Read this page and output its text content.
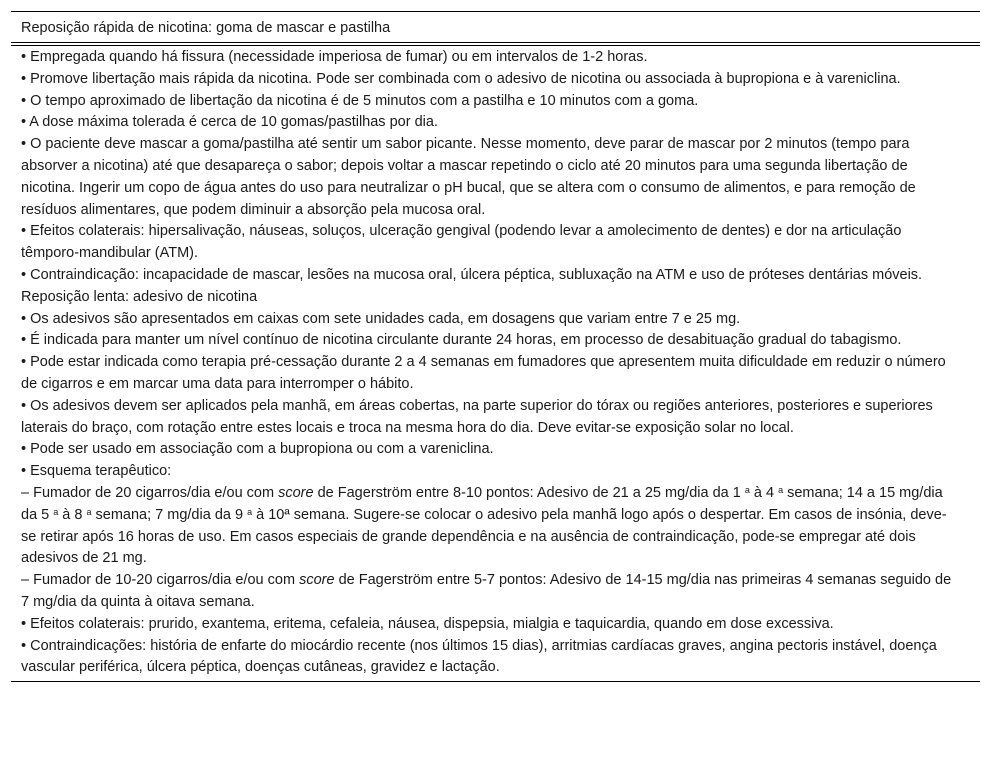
Reposição rápida de nicotina: goma de mascar e pastilha

• Empregada quando há fissura (necessidade imperiosa de fumar) ou em intervalos de 1-2 horas.

• Promove libertação mais rápida da nicotina. Pode ser combinada com o adesivo de nicotina ou associada à bupropiona e à vareniclina.

• O tempo aproximado de libertação da nicotina é de 5 minutos com a pastilha e 10 minutos com a goma.

• A dose máxima tolerada é cerca de 10 gomas/pastilhas por dia.

• O paciente deve mascar a goma/pastilha até sentir um sabor picante. Nesse momento, deve parar de mascar por 2 minutos (tempo para absorver a nicotina) até que desapareça o sabor; depois voltar a mascar repetindo o ciclo até 20 minutos para uma segunda libertação de nicotina. Ingerir um copo de água antes do uso para neutralizar o pH bucal, que se altera com o consumo de alimentos, e para remoção de resíduos alimentares, que podem diminuir a absorção pela mucosa oral.

• Efeitos colaterais: hipersalivação, náuseas, soluços, ulceração gengival (podendo levar a amolecimento de dentes) e dor na articulação têmporo-mandibular (ATM).

• Contraindicação: incapacidade de mascar, lesões na mucosa oral, úlcera péptica, subluxação na ATM e uso de próteses dentárias móveis.

Reposição lenta: adesivo de nicotina

• Os adesivos são apresentados em caixas com sete unidades cada, em dosagens que variam entre 7 e 25 mg.

• É indicada para manter um nível contínuo de nicotina circulante durante 24 horas, em processo de desabituação gradual do tabagismo.

• Pode estar indicada como terapia pré-cessação durante 2 a 4 semanas em fumadores que apresentem muita dificuldade em reduzir o número de cigarros e em marcar uma data para interromper o hábito.

• Os adesivos devem ser aplicados pela manhã, em áreas cobertas, na parte superior do tórax ou regiões anteriores, posteriores e superiores laterais do braço, com rotação entre estes locais e troca na mesma hora do dia. Deve evitar-se exposição solar no local.

• Pode ser usado em associação com a bupropiona ou com a vareniclina.

• Esquema terapêutico:

– Fumador de 20 cigarros/dia e/ou com score de Fagerström entre 8-10 pontos: Adesivo de 21 a 25 mg/dia da 1 $^a$ à 4 $^a$ semana; 14 a 15 mg/dia da 5 $^a$ à 8 $^a$ semana; 7 mg/dia da 9 $^a$ à 10ª semana. Sugere-se colocar o adesivo pela manhã logo após o despertar. Em casos de insónia, deve-se retirar após 16 horas de uso. Em casos especiais de grande dependência e na ausência de contraindicação, pode-se empregar até dois adesivos de 21 mg.

– Fumador de 10-20 cigarros/dia e/ou com score de Fagerström entre 5-7 pontos: Adesivo de 14-15 mg/dia nas primeiras 4 semanas seguido de 7 mg/dia da quinta à oitava semana.

• Efeitos colaterais: prurido, exantema, eritema, cefaleia, náusea, dispepsia, mialgia e taquicardia, quando em dose excessiva.

• Contraindicações: história de enfarte do miocárdio recente (nos últimos 15 dias), arritmias cardíacas graves, angina pectoris instável, doença vascular periférica, úlcera péptica, doenças cutâneas, gravidez e lactação.
